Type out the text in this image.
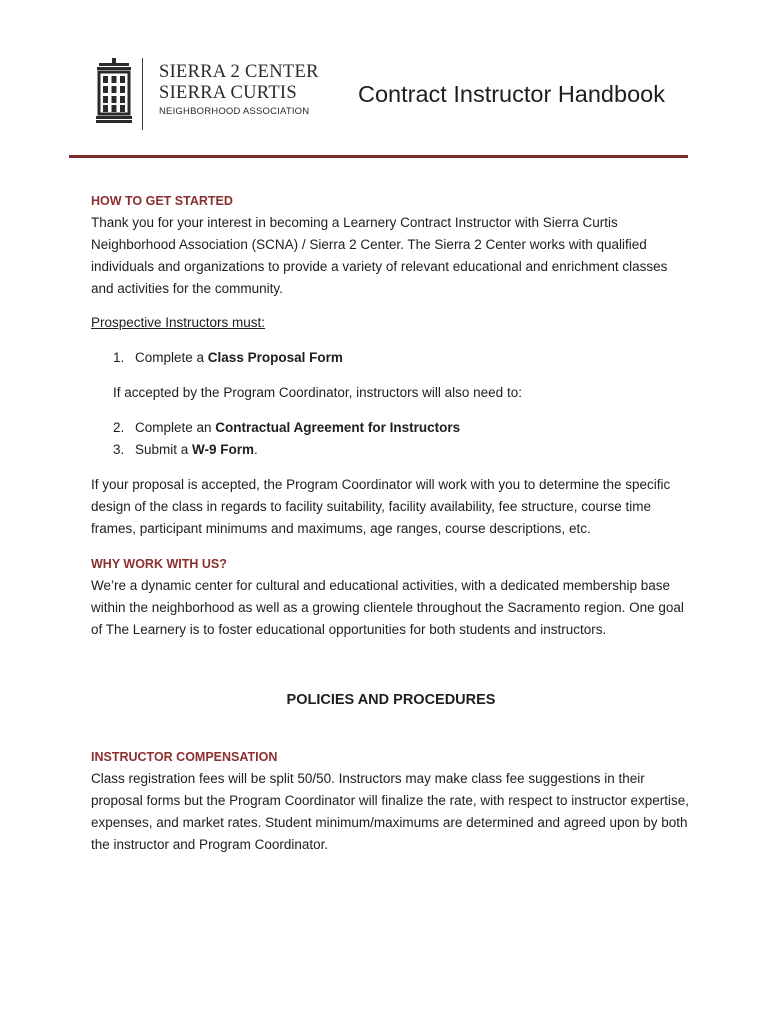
SIERRA 2 CENTER
SIERRA CURTIS
NEIGHBORHOOD ASSOCIATION
Contract Instructor Handbook

HOW TO GET STARTED

Thank you for your interest in becoming a Learnery Contract Instructor with Sierra Curtis Neighborhood Association (SCNA) / Sierra 2 Center. The Sierra 2 Center works with qualified individuals and organizations to provide a variety of relevant educational and enrichment classes and activities for the community.

Prospective Instructors must:

1. Complete a Class Proposal Form

If accepted by the Program Coordinator, instructors will also need to:

2. Complete an Contractual Agreement for Instructors

3. Submit a W-9 Form.

If your proposal is accepted, the Program Coordinator will work with you to determine the specific design of the class in regards to facility suitability, facility availability, fee structure, course time frames, participant minimums and maximums, age ranges, course descriptions, etc.

WHY WORK WITH US?

We’re a dynamic center for cultural and educational activities, with a dedicated membership base within the neighborhood as well as a growing clientele throughout the Sacramento region. One goal of The Learnery is to foster educational opportunities for both students and instructors.

POLICIES AND PROCEDURES

INSTRUCTOR COMPENSATION

Class registration fees will be split 50/50. Instructors may make class fee suggestions in their proposal forms but the Program Coordinator will finalize the rate, with respect to instructor expertise, expenses, and market rates. Student minimum/maximums are determined and agreed upon by both the instructor and Program Coordinator.
